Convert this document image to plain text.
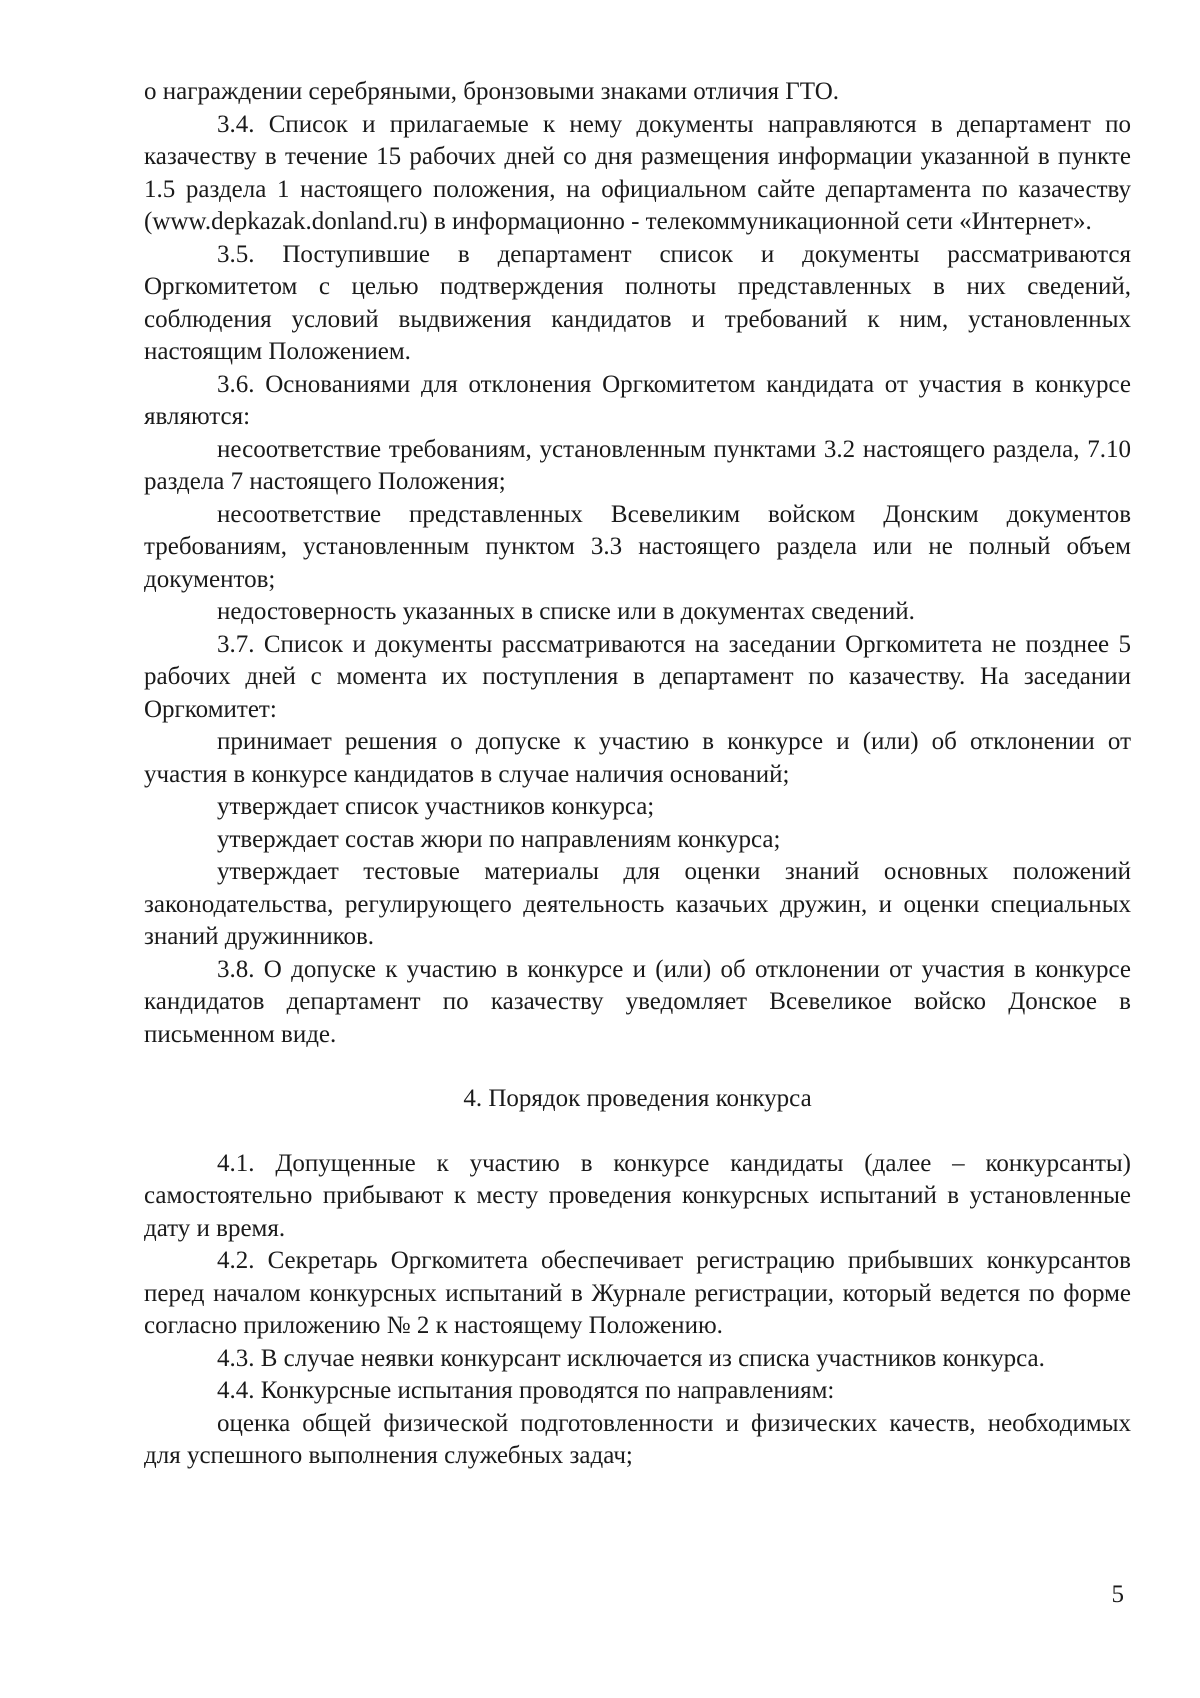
о награждении серебряными, бронзовыми знаками отличия ГТО.

3.4. Список и прилагаемые к нему документы направляются в департамент по казачеству в течение 15 рабочих дней со дня размещения информации указанной в пункте 1.5 раздела 1 настоящего положения, на официальном сайте департамента по казачеству (www.depkazak.donland.ru) в информационно - телекоммуникационной сети «Интернет».

3.5. Поступившие в департамент список и документы рассматриваются Оргкомитетом с целью подтверждения полноты представленных в них сведений, соблюдения условий выдвижения кандидатов и требований к ним, установленных настоящим Положением.

3.6. Основаниями для отклонения Оргкомитетом кандидата от участия в конкурсе являются:

несоответствие требованиям, установленным пунктами 3.2 настоящего раздела, 7.10 раздела 7 настоящего Положения;

несоответствие представленных Всевеликим войском Донским документов требованиям, установленным пунктом 3.3 настоящего раздела или не полный объем документов;

недостоверность указанных в списке или в документах сведений.

3.7. Список и документы рассматриваются на заседании Оргкомитета не позднее 5 рабочих дней с момента их поступления в департамент по казачеству. На заседании Оргкомитет:

принимает решения о допуске к участию в конкурсе и (или) об отклонении от участия в конкурсе кандидатов в случае наличия оснований;

утверждает список участников конкурса;

утверждает состав жюри по направлениям конкурса;

утверждает тестовые материалы для оценки знаний основных положений законодательства, регулирующего деятельность казачьих дружин, и оценки специальных знаний дружинников.

3.8. О допуске к участию в конкурсе и (или) об отклонении от участия в конкурсе кандидатов департамент по казачеству уведомляет Всевеликое войско Донское в письменном виде.

4. Порядок проведения конкурса

4.1. Допущенные к участию в конкурсе кандидаты (далее – конкурсанты) самостоятельно прибывают к месту проведения конкурсных испытаний в установленные дату и время.

4.2. Секретарь Оргкомитета обеспечивает регистрацию прибывших конкурсантов перед началом конкурсных испытаний в Журнале регистрации, который ведется по форме согласно приложению № 2 к настоящему Положению.

4.3. В случае неявки конкурсант исключается из списка участников конкурса.

4.4. Конкурсные испытания проводятся по направлениям:

оценка общей физической подготовленности и физических качеств, необходимых для успешного выполнения служебных задач;

5
